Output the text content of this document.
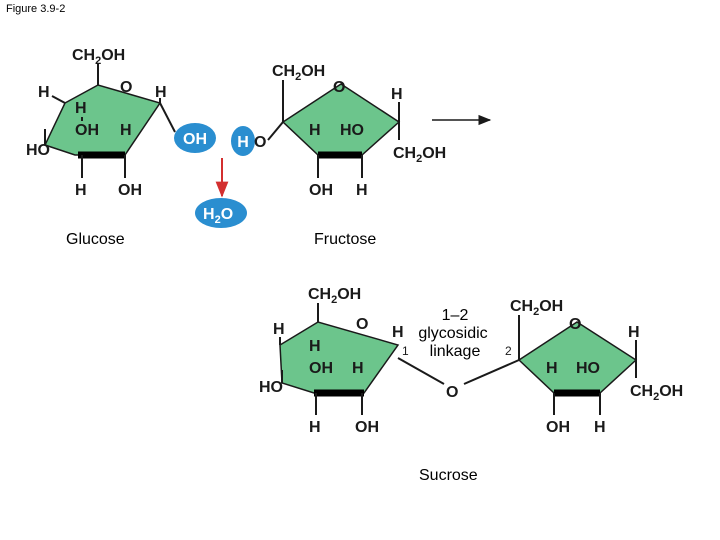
Figure 3.9-2
$CH_2OH$
O
H	H
H
OH
HO
H
H OH
OH
Glucose
H O
$CH_2OH$
O	H
$CH_2OH$
H HO
OH H
Fructose
$H_2O$
$CH_2OH$
O
H	H
H
OH H
HO
H OH
O
1	2
$CH_2OH$
O	H
$CH_2OH$
H HO
OH H
1–2
glycosidic
linkage
Sucrose
